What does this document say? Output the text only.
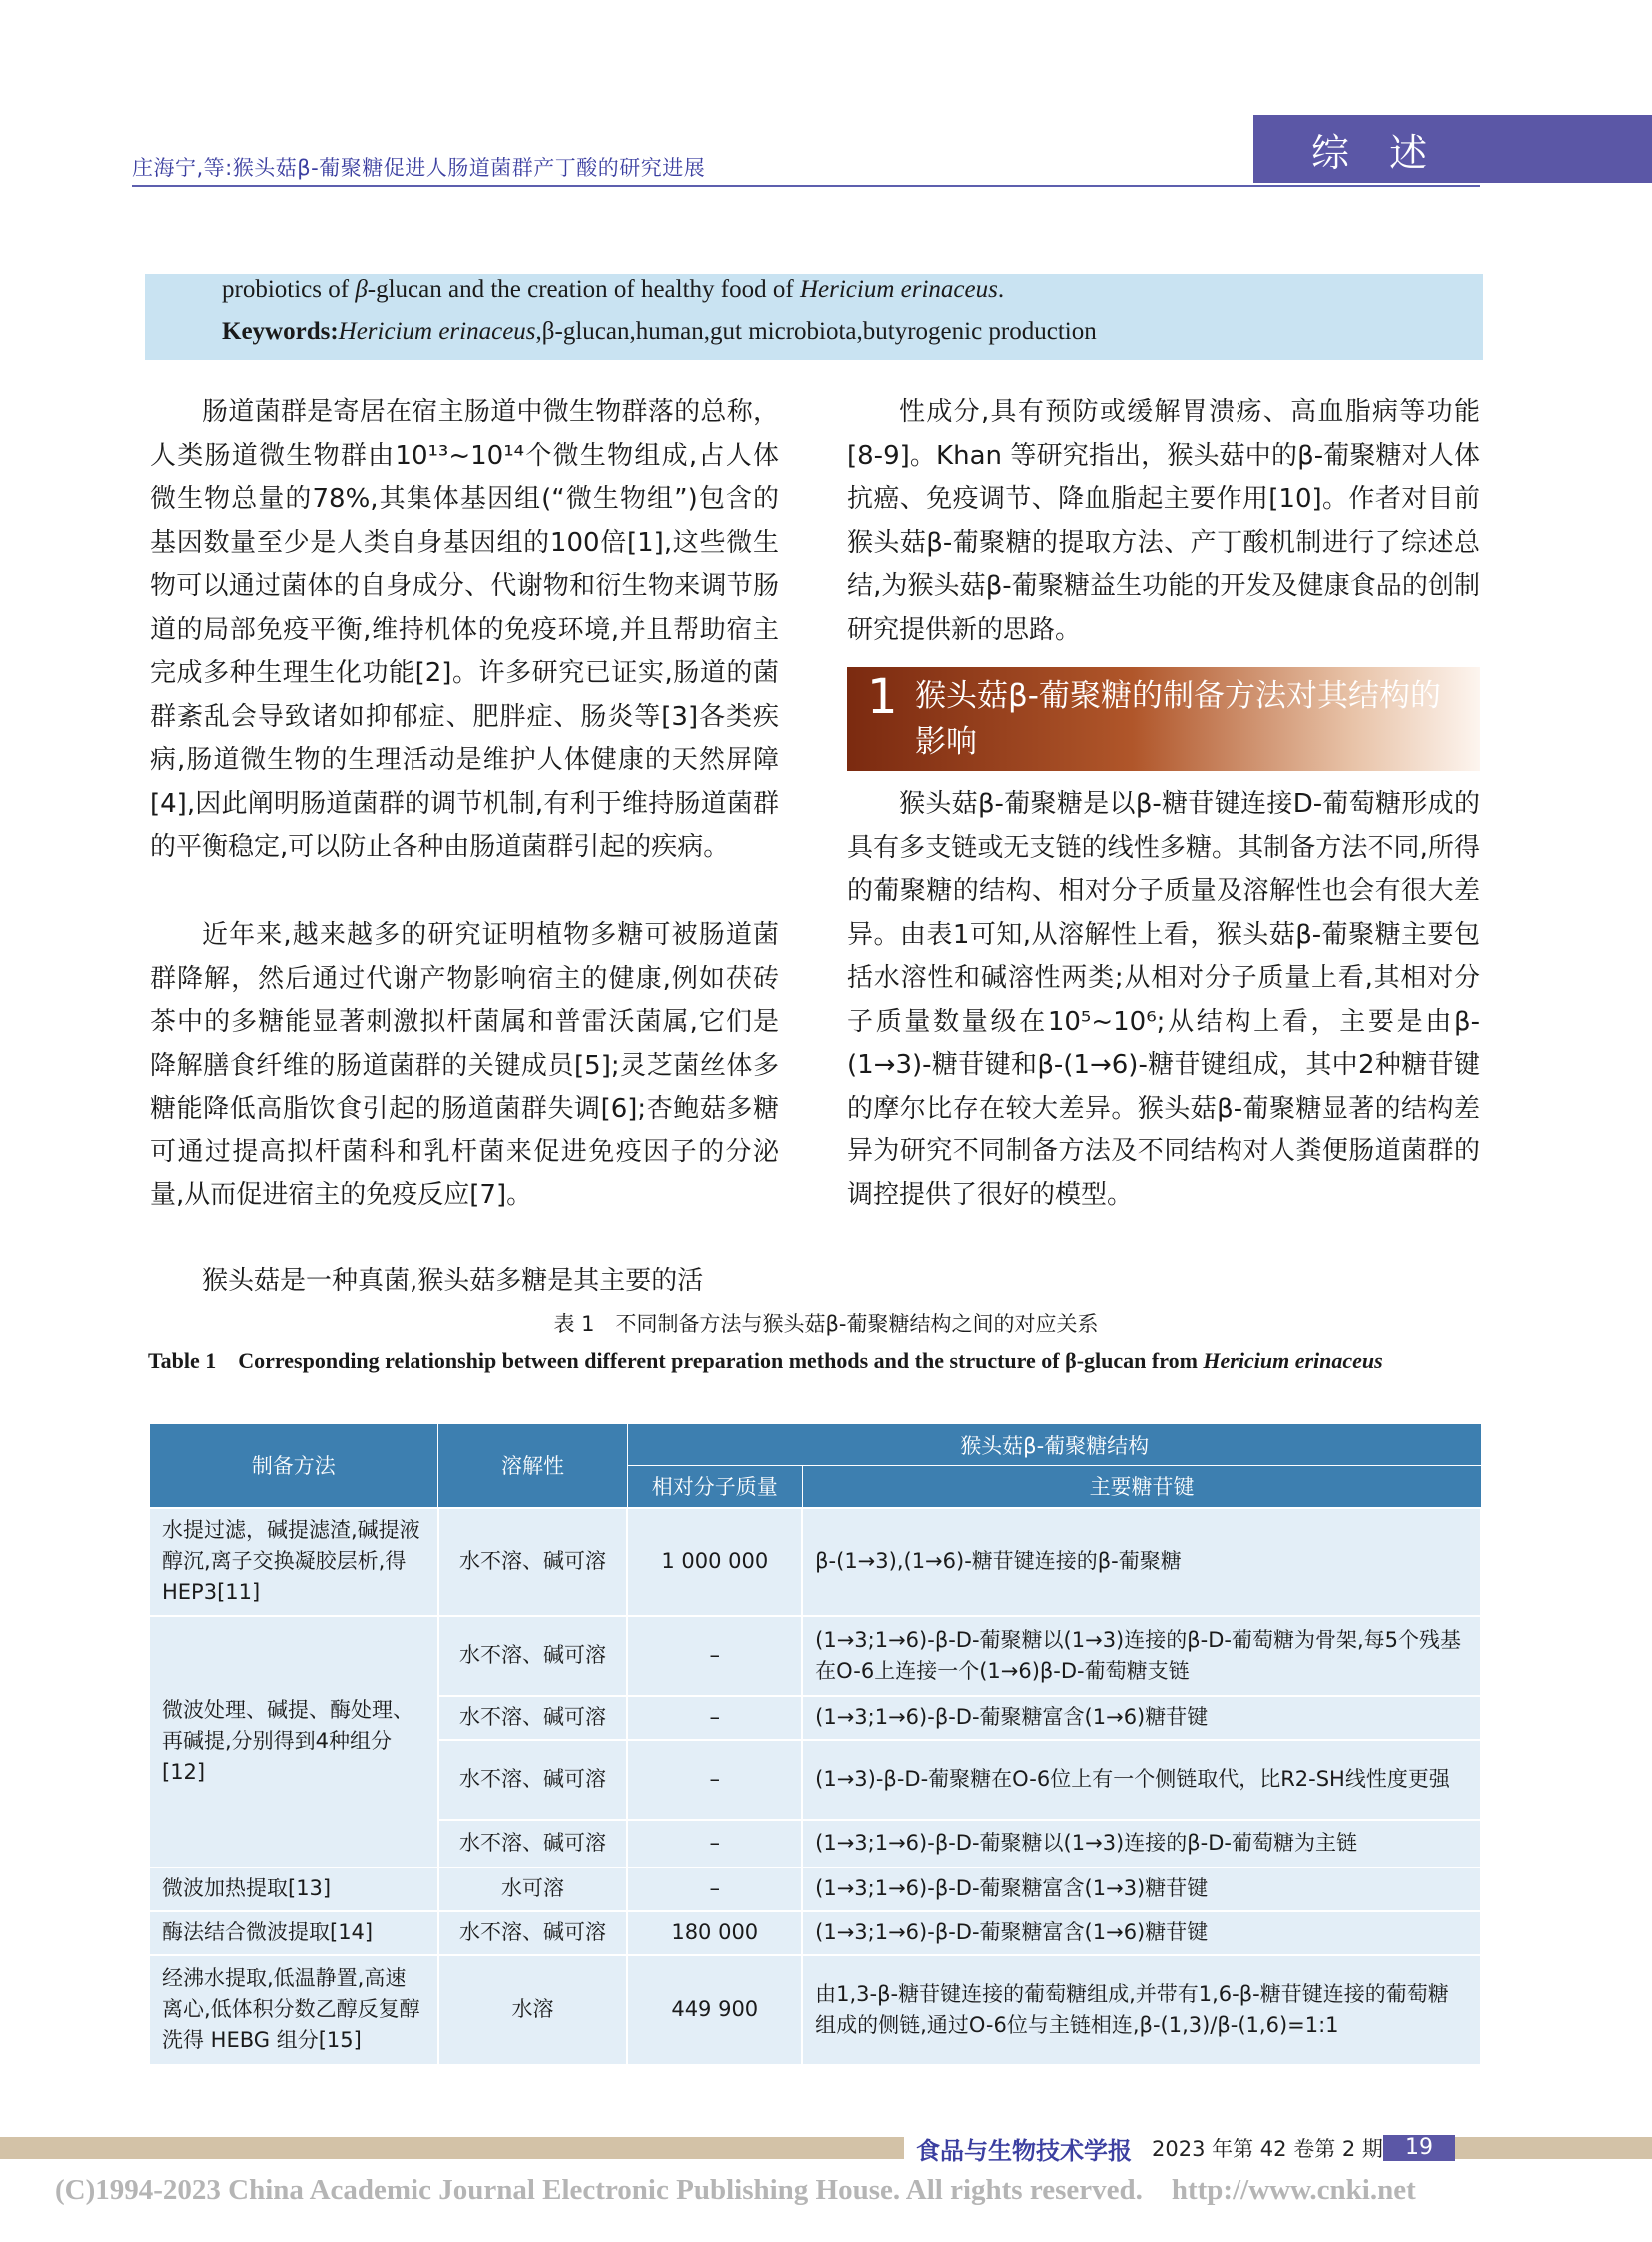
庄海宁,等:猴头菇β-葡聚糖促进人肠道菌群产丁酸的研究进展	综 述
probiotics of β-glucan and the creation of healthy food of Hericium erinaceus.
Keywords:Hericium erinaceus,β-glucan,human,gut microbiota,butyrogenic production

肠道菌群是寄居在宿主肠道中微生物群落的总称，人类肠道微生物群由10¹³~10¹⁴个微生物组成,占人体微生物总量的78%,其集体基因组(“微生物组”)包含的基因数量至少是人类自身基因组的100倍[1],这些微生物可以通过菌体的自身成分、代谢物和衍生物来调节肠道的局部免疫平衡,维持机体的免疫环境,并且帮助宿主完成多种生理生化功能[2]。许多研究已证实,肠道的菌群紊乱会导致诸如抑郁症、肥胖症、肠炎等[3]各类疾病,肠道微生物的生理活动是维护人体健康的天然屏障[4],因此阐明肠道菌群的调节机制,有利于维持肠道菌群的平衡稳定,可以防止各种由肠道菌群引起的疾病。

近年来,越来越多的研究证明植物多糖可被肠道菌群降解，然后通过代谢产物影响宿主的健康,例如茯砖茶中的多糖能显著刺激拟杆菌属和普雷沃菌属,它们是降解膳食纤维的肠道菌群的关键成员[5];灵芝菌丝体多糖能降低高脂饮食引起的肠道菌群失调[6];杏鲍菇多糖可通过提高拟杆菌科和乳杆菌来促进免疫因子的分泌量,从而促进宿主的免疫反应[7]。

猴头菇是一种真菌,猴头菇多糖是其主要的活

性成分,具有预防或缓解胃溃疡、高血脂病等功能[8-9]。Khan 等研究指出，猴头菇中的β-葡聚糖对人体抗癌、免疫调节、降血脂起主要作用[10]。作者对目前猴头菇β-葡聚糖的提取方法、产丁酸机制进行了综述总结,为猴头菇β-葡聚糖益生功能的开发及健康食品的创制研究提供新的思路。

1 猴头菇β-葡聚糖的制备方法对其结构的影响

猴头菇β-葡聚糖是以β-糖苷键连接D-葡萄糖形成的具有多支链或无支链的线性多糖。其制备方法不同,所得的葡聚糖的结构、相对分子质量及溶解性也会有很大差异。由表1可知,从溶解性上看，猴头菇β-葡聚糖主要包括水溶性和碱溶性两类;从相对分子质量上看,其相对分子质量数量级在10⁵~10⁶;从结构上看，主要是由β-(1→3)-糖苷键和β-(1→6)-糖苷键组成，其中2种糖苷键的摩尔比存在较大差异。猴头菇β-葡聚糖显著的结构差异为研究不同制备方法及不同结构对人粪便肠道菌群的调控提供了很好的模型。

表 1　不同制备方法与猴头菇β-葡聚糖结构之间的对应关系
Table 1　Corresponding relationship between different preparation methods and the structure of β-glucan from Hericium erinaceus
制备方法	溶解性	猴头菇β-葡聚糖结构	
		相对分子质量	主要糖苷键
水提过滤，碱提滤渣,碱提液醇沉,离子交换凝胶层析,得 HEP3[11]	水不溶、碱可溶	1 000 000	β-(1→3),(1→6)-糖苷键连接的β-葡聚糖
微波处理、碱提、酶处理、再碱提,分别得到4种组分[12]	水不溶、碱可溶	–	(1→3;1→6)-β-D-葡聚糖以(1→3)连接的β-D-葡萄糖为骨架,每5个残基在O-6上连接一个(1→6)β-D-葡萄糖支链
	水不溶、碱可溶	–	(1→3;1→6)-β-D-葡聚糖富含(1→6)糖苷键
	水不溶、碱可溶	–	(1→3)-β-D-葡聚糖在O-6位上有一个侧链取代，比R2-SH线性度更强
	水不溶、碱可溶	–	(1→3;1→6)-β-D-葡聚糖以(1→3)连接的β-D-葡萄糖为主链
微波加热提取[13]	水可溶	–	(1→3;1→6)-β-D-葡聚糖富含(1→3)糖苷键
酶法结合微波提取[14]	水不溶、碱可溶	180 000	(1→3;1→6)-β-D-葡聚糖富含(1→6)糖苷键
经沸水提取,低温静置,高速离心,低体积分数乙醇反复醇洗得 HEBG 组分[15]	水溶	449 900	由1,3-β-糖苷键连接的葡萄糖组成,并带有1,6-β-糖苷键连接的葡萄糖组成的侧链,通过O-6位与主链相连,β-(1,3)/β-(1,6)=1:1
食品与生物技术学报 2023 年第 42 卷第 2 期	19
(C)1994-2023 China Academic Journal Electronic Publishing House. All rights reserved.　http://www.cnki.net
